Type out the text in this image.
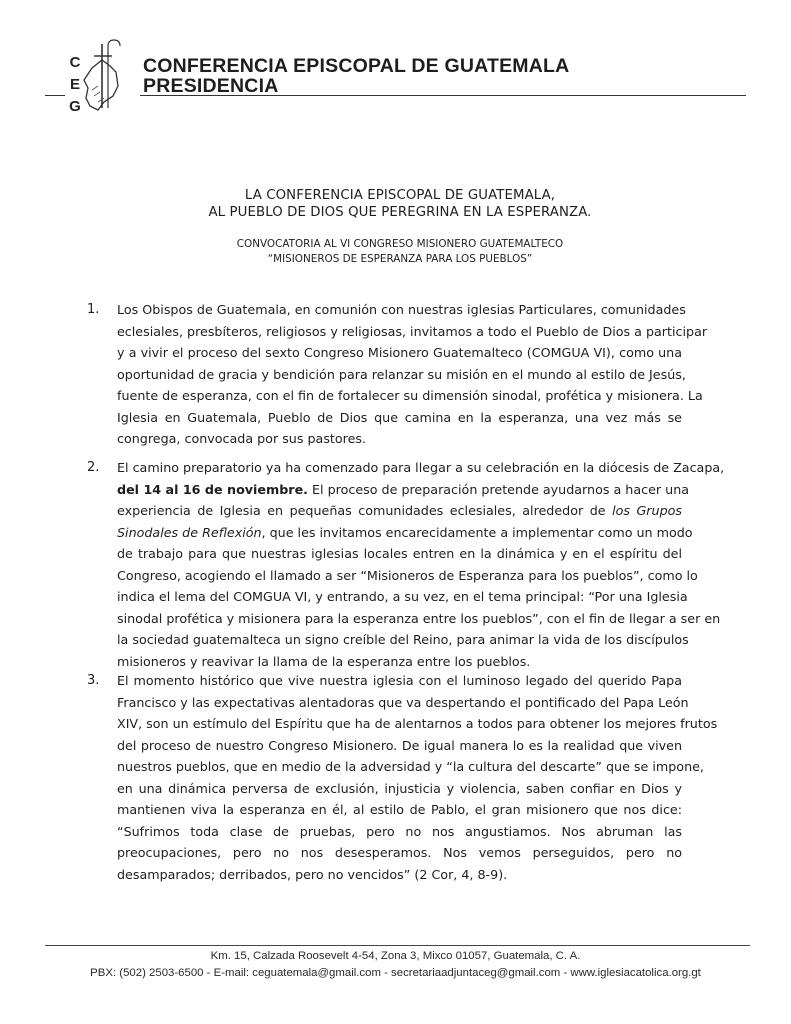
C
E
G
CONFERENCIA EPISCOPAL DE GUATEMALA
PRESIDENCIA
LA CONFERENCIA EPISCOPAL DE GUATEMALA,
AL PUEBLO DE DIOS QUE PEREGRINA EN LA ESPERANZA.
CONVOCATORIA AL VI CONGRESO MISIONERO GUATEMALTECO
“MISIONEROS DE ESPERANZA PARA LOS PUEBLOS”
1. Los Obispos de Guatemala, en comunión con nuestras iglesias Particulares, comunidades
eclesiales, presbíteros, religiosos y religiosas, invitamos a todo el Pueblo de Dios a participar
y a vivir el proceso del sexto Congreso Misionero Guatemalteco (COMGUA VI), como una
oportunidad de gracia y bendición para relanzar su misión en el mundo al estilo de Jesús,
fuente de esperanza, con el fin de fortalecer su dimensión sinodal, profética y misionera. La
Iglesia en Guatemala, Pueblo de Dios que camina en la esperanza, una vez más se
congrega, convocada por sus pastores.
2. El camino preparatorio ya ha comenzado para llegar a su celebración en la diócesis de Zacapa,
del 14 al 16 de noviembre. El proceso de preparación pretende ayudarnos a hacer una
experiencia de Iglesia en pequeñas comunidades eclesiales, alrededor de los Grupos
Sinodales de Reflexión, que les invitamos encarecidamente a implementar como un modo
de trabajo para que nuestras iglesias locales entren en la dinámica y en el espíritu del
Congreso, acogiendo el llamado a ser “Misioneros de Esperanza para los pueblos”, como lo
indica el lema del COMGUA VI, y entrando, a su vez, en el tema principal: “Por una Iglesia
sinodal profética y misionera para la esperanza entre los pueblos”, con el fin de llegar a ser en
la sociedad guatemalteca un signo creíble del Reino, para animar la vida de los discípulos
misioneros y reavivar la llama de la esperanza entre los pueblos.
3. El momento histórico que vive nuestra iglesia con el luminoso legado del querido Papa
Francisco y las expectativas alentadoras que va despertando el pontificado del Papa León
XIV, son un estímulo del Espíritu que ha de alentarnos a todos para obtener los mejores frutos
del proceso de nuestro Congreso Misionero. De igual manera lo es la realidad que viven
nuestros pueblos, que en medio de la adversidad y “la cultura del descarte” que se impone,
en una dinámica perversa de exclusión, injusticia y violencia, saben confiar en Dios y
mantienen viva la esperanza en él, al estilo de Pablo, el gran misionero que nos dice:
“Sufrimos toda clase de pruebas, pero no nos angustiamos. Nos abruman las
preocupaciones, pero no nos desesperamos. Nos vemos perseguidos, pero no
desamparados; derribados, pero no vencidos” (2 Cor, 4, 8-9).
Km. 15, Calzada Roosevelt 4-54, Zona 3, Mixco 01057, Guatemala, C. A.
PBX: (502) 2503-6500 - E-mail: ceguatemala@gmail.com - secretariaadjuntaceg@gmail.com - www.iglesiacatolica.org.gt
